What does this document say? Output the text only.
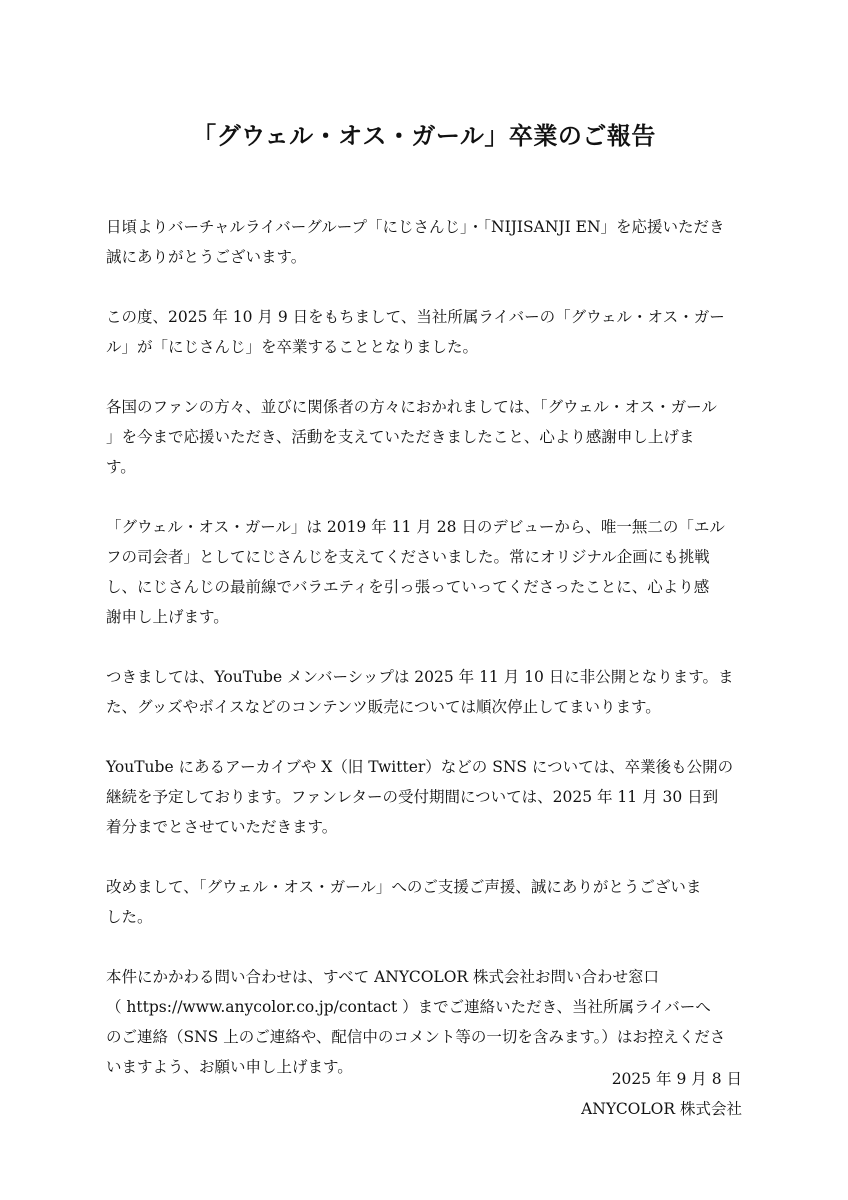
「グウェル・オス・ガール」卒業のご報告

日頃よりバーチャルライバーグループ「にじさんじ」・「NIJISANJI EN」を応援いただき
誠にありがとうございます。

この度、2025 年 10 月 9 日をもちまして、当社所属ライバーの「グウェル・オス・ガー
ル」が「にじさんじ」を卒業することとなりました。

各国のファンの方々、並びに関係者の方々におかれましては、「グウェル・オス・ガール
」を今まで応援いただき、活動を支えていただきましたこと、心より感謝申し上げま
す。

「グウェル・オス・ガール」は 2019 年 11 月 28 日のデビューから、唯一無二の「エル
フの司会者」としてにじさんじを支えてくださいました。常にオリジナル企画にも挑戦
し、にじさんじの最前線でバラエティを引っ張っていってくださったことに、心より感
謝申し上げます。

つきましては、YouTube メンバーシップは 2025 年 11 月 10 日に非公開となります。ま
た、グッズやボイスなどのコンテンツ販売については順次停止してまいります。

YouTube にあるアーカイブや X（旧 Twitter）などの SNS については、卒業後も公開の
継続を予定しております。ファンレターの受付期間については、2025 年 11 月 30 日到
着分までとさせていただきます。

改めまして、「グウェル・オス・ガール」へのご支援ご声援、誠にありがとうございま
した。

本件にかかわる問い合わせは、すべて ANYCOLOR 株式会社お問い合わせ窓口
（ https://www.anycolor.co.jp/contact ）までご連絡いただき、当社所属ライバーへ
のご連絡（SNS 上のご連絡や、配信中のコメント等の一切を含みます。）はお控えくださ
いますよう、お願い申し上げます。

2025 年 9 月 8 日
ANYCOLOR 株式会社
